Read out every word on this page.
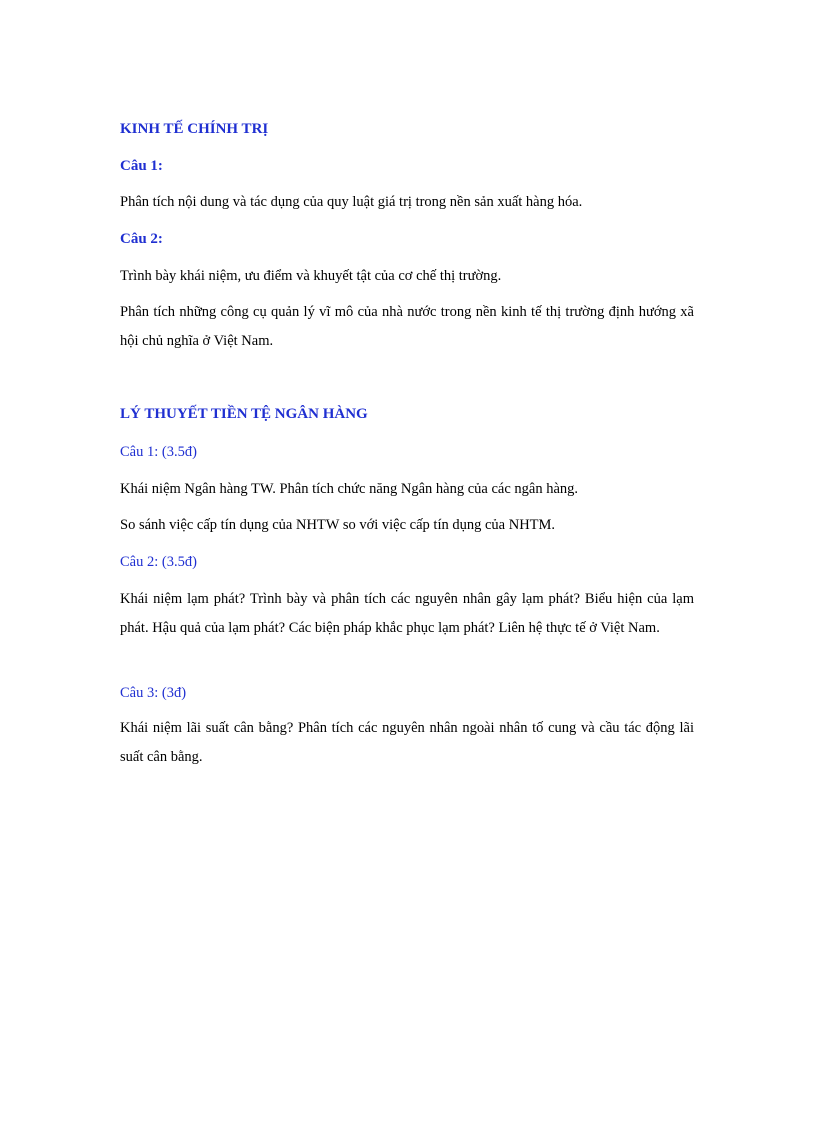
KINH TẾ CHÍNH TRỊ
Câu 1:

Phân tích nội dung và tác dụng của quy luật giá trị trong nền sản xuất hàng hóa.

Câu 2:

Trình bày khái niệm, ưu điểm và khuyết tật của cơ chế thị trường.

Phân tích những công cụ quản lý vĩ mô của nhà nước trong nền kinh tế thị trường định hướng xã hội chủ nghĩa ở Việt Nam.

LÝ THUYẾT TIỀN TỆ NGÂN HÀNG
Câu 1: (3.5đ)

Khái niệm Ngân hàng TW. Phân tích chức năng Ngân hàng của các ngân hàng.

So sánh việc cấp tín dụng của NHTW so với việc cấp tín dụng của NHTM.

Câu 2: (3.5đ)

Khái niệm lạm phát? Trình bày và phân tích các nguyên nhân gây lạm phát? Biểu hiện của lạm phát. Hậu quả của lạm phát? Các biện pháp khắc phục lạm phát? Liên hệ thực tế ở Việt Nam.

Câu 3: (3đ)

Khái niệm lãi suất cân bằng? Phân tích các nguyên nhân ngoài nhân tố cung và cầu tác động lãi suất cân bằng.
